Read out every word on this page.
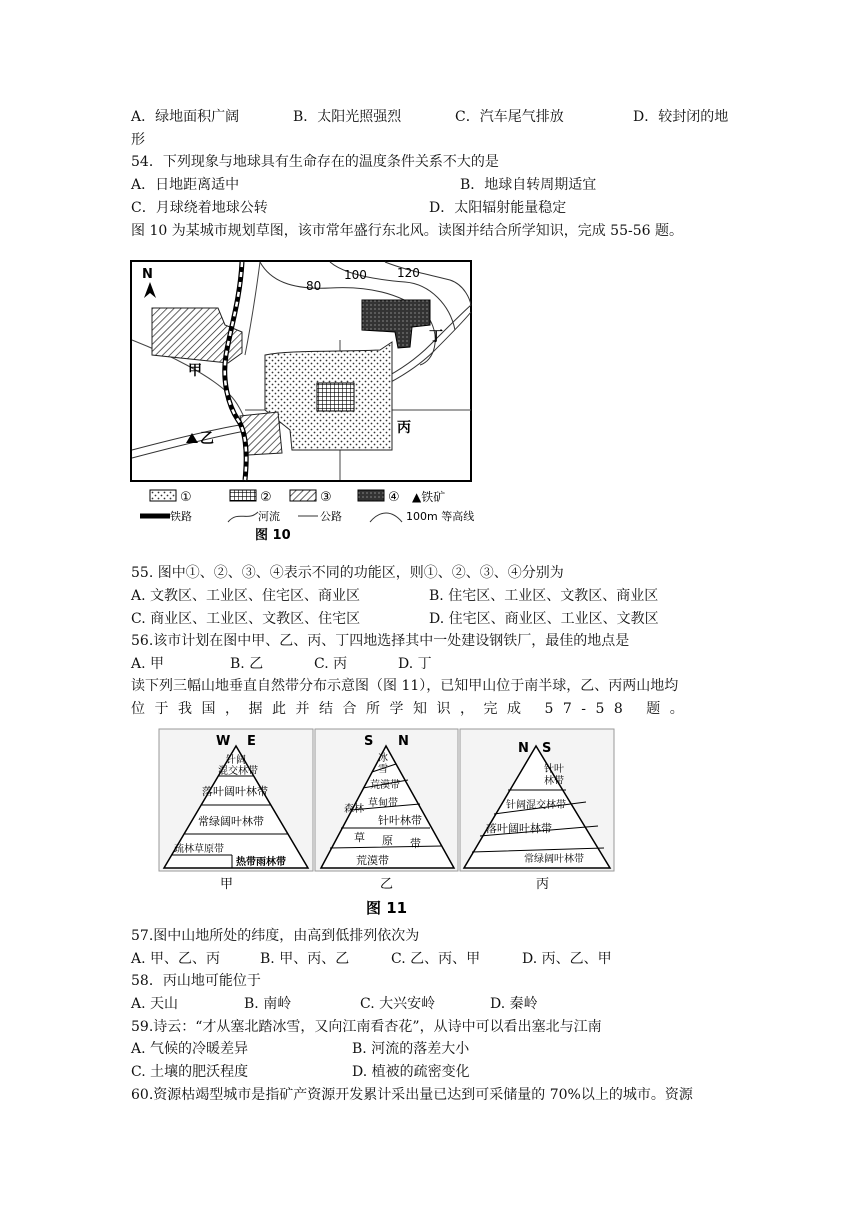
A．绿地面积广阔	B．太阳光照强烈	C．汽车尾气排放	D．较封闭的地
形
54．下列现象与地球具有生命存在的温度条件关系不大的是
A．日地距离适中	B．地球自转周期适宜
C．月球绕着地球公转	D．太阳辐射能量稳定
图 10 为某城市规划草图，该市常年盛行东北风。读图并结合所学知识，完成 55-56 题。
N
80
100	120
甲
乙
丙
丁
①	②	③	④ ▲铁矿
铁路	河流	公路	100m 等高线
图 10
55. 图中①、②、③、④表示不同的功能区，则①、②、③、④分别为
A. 文教区、工业区、住宅区、商业区	B. 住宅区、工业区、文教区、商业区
C. 商业区、工业区、文教区、住宅区	D. 住宅区、商业区、工业区、文教区
56.该市计划在图中甲、乙、丙、丁四地选择其中一处建设钢铁厂，最佳的地点是
A. 甲	B. 乙	C. 丙	D. 丁
读下列三幅山地垂直自然带分布示意图（图 11），已知甲山位于南半球，乙、丙两山地均
位于我国，据此并结合所学知识，完成 57-58 题。
W E
针阔
混交林带
落叶阔叶林带
常绿阔叶林带
疏林草原带
热带雨林带
甲
S N
冰
雪
荒漠带
森林
草甸带
针叶林带
草 原 带
荒漠带
乙
N S
针叶
林带
针阔混交林带
落叶阔叶林带
常绿阔叶林带
丙
图 11
57.图中山地所处的纬度，由高到低排列依次为
A. 甲、乙、丙	B. 甲、丙、乙	C. 乙、丙、甲	D. 丙、乙、甲
58．丙山地可能位于
A. 天山	B. 南岭	C. 大兴安岭	D. 秦岭
59.诗云：“才从塞北踏冰雪，又向江南看杏花”，从诗中可以看出塞北与江南
A. 气候的冷暖差异	B. 河流的落差大小
C. 土壤的肥沃程度	D. 植被的疏密变化
60.资源枯竭型城市是指矿产资源开发累计采出量已达到可采储量的 70%以上的城市。资源
